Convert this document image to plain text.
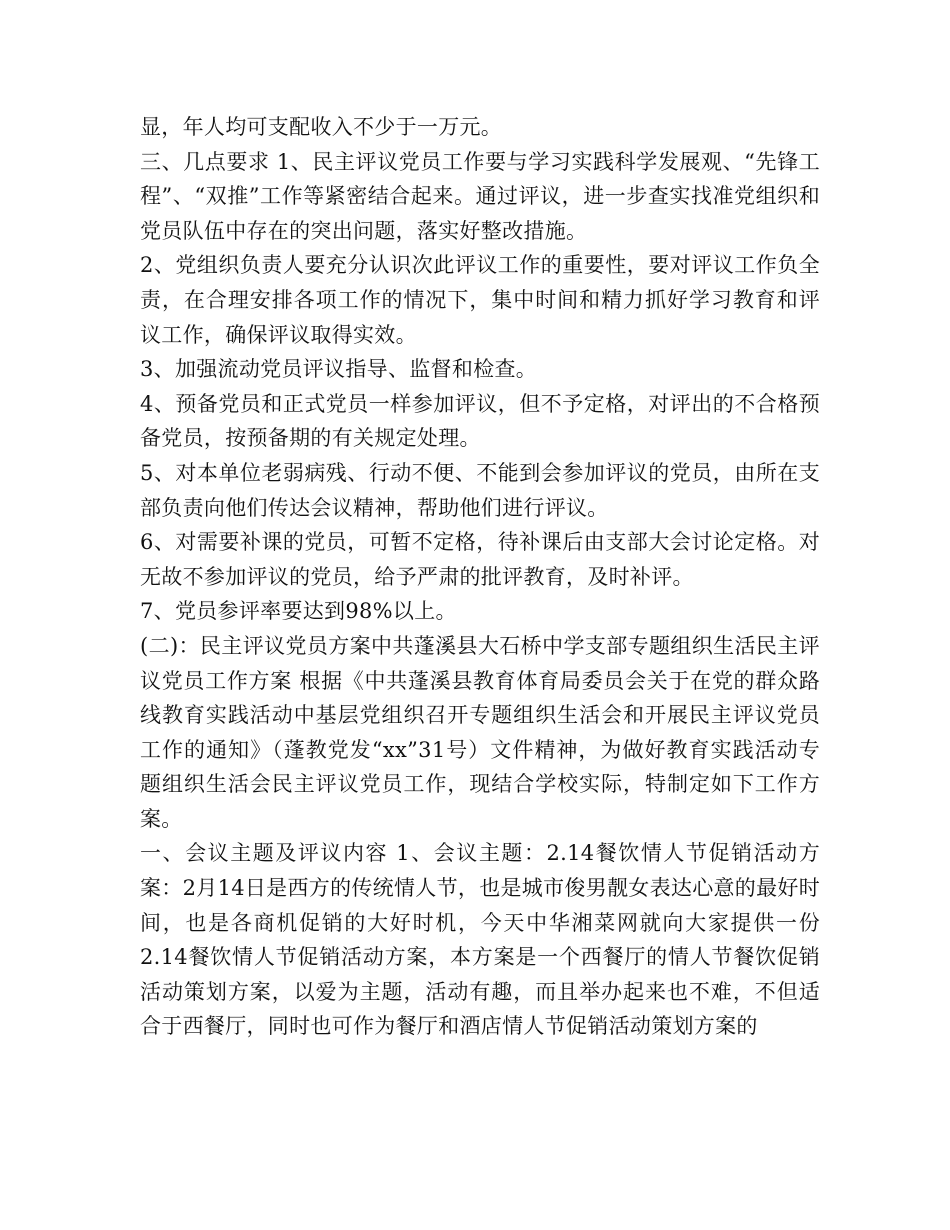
显，年人均可支配收入不少于一万元。

三、几点要求 1、民主评议党员工作要与学习实践科学发展观、“先锋工程”、“双推”工作等紧密结合起来。通过评议，进一步查实找准党组织和党员队伍中存在的突出问题，落实好整改措施。

2、党组织负责人要充分认识次此评议工作的重要性，要对评议工作负全责，在合理安排各项工作的情况下，集中时间和精力抓好学习教育和评议工作，确保评议取得实效。

3、加强流动党员评议指导、监督和检查。

4、预备党员和正式党员一样参加评议，但不予定格，对评出的不合格预备党员，按预备期的有关规定处理。

5、对本单位老弱病残、行动不便、不能到会参加评议的党员，由所在支部负责向他们传达会议精神，帮助他们进行评议。

6、对需要补课的党员，可暂不定格，待补课后由支部大会讨论定格。对无故不参加评议的党员，给予严肃的批评教育，及时补评。

7、党员参评率要达到98%以上。

(二)：民主评议党员方案中共蓬溪县大石桥中学支部专题组织生活民主评议党员工作方案 根据《中共蓬溪县教育体育局委员会关于在党的群众路线教育实践活动中基层党组织召开专题组织生活会和开展民主评议党员工作的通知》（蓬教党发“xx”31号）文件精神，为做好教育实践活动专题组织生活会民主评议党员工作，现结合学校实际，特制定如下工作方案。

一、会议主题及评议内容 1、会议主题：2.14餐饮情人节促销活动方案：2月14日是西方的传统情人节，也是城市俊男靓女表达心意的最好时间，也是各商机促销的大好时机，今天中华湘菜网就向大家提供一份2.14餐饮情人节促销活动方案，本方案是一个西餐厅的情人节餐饮促销活动策划方案，以爱为主题，活动有趣，而且举办起来也不难，不但适合于西餐厅，同时也可作为餐厅和酒店情人节促销活动策划方案的
